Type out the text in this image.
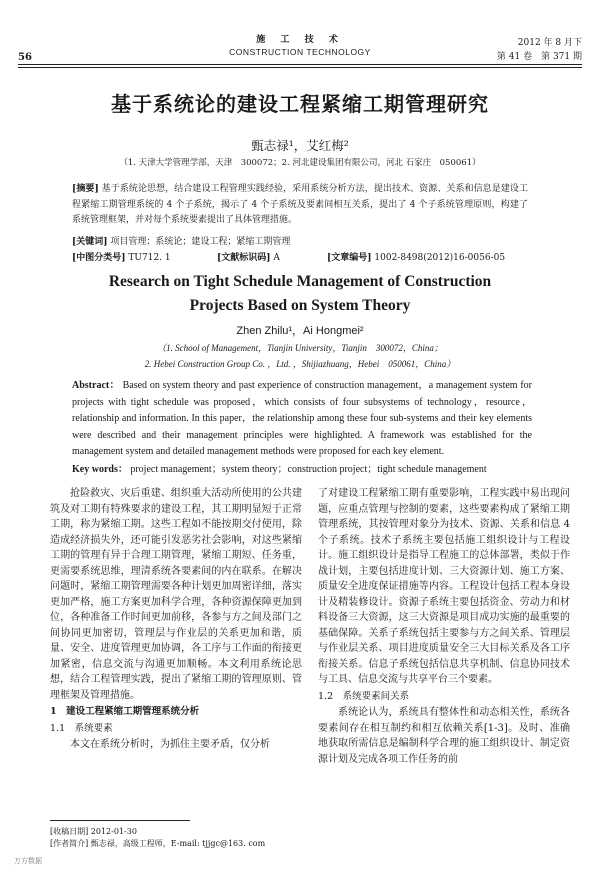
56
施 工 技 术
CONSTRUCTION TECHNOLOGY
2012 年 8 月下
第 41 卷　第 371 期
基于系统论的建设工程紧缩工期管理研究
甄志禄¹，艾红梅²
（1. 天津大学管理学部，天津　300072；2. 河北建设集团有限公司，河北 石家庄　050061）
[摘要] 基于系统论思想，结合建设工程管理实践经验，采用系统分析方法，提出技术、资源、关系和信息是建设工程紧缩工期管理系统的 4 个子系统，揭示了 4 个子系统及要素间相互关系，提出了 4 个子系统管理原则，构建了系统管理框架，并对每个系统要素提出了具体管理措施。
[关键词] 项目管理；系统论；建设工程；紧缩工期管理
[中图分类号] TU712. 1	[文献标识码] A	[文章编号] 1002-8498(2012)16-0056-05
Research on Tight Schedule Management of Construction
Projects Based on System Theory
Zhen Zhilu¹，Ai Hongmei²
（1. School of Management，Tianjin University，Tianjin　300072，China；
2. Hebei Construction Group Co. ，Ltd. ，Shijiazhuang，Hebei　050061，China）
Abstract： Based on system theory and past experience of construction management，a management system for projects with tight schedule was proposed，which consists of four subsystems of technology，resource，relationship and information. In this paper，the relationship among these four sub-systems and their key elements were described and their management principles were highlighted. A framework was established for the management system and detailed management methods were proposed for each key element.
Key words： project management；system theory；construction project；tight schedule management

抢险救灾、灾后重建、组织重大活动所使用的公共建筑及对工期有特殊要求的建设工程，其工期明显短于正常工期，称为紧缩工期。这些工程如不能按期交付使用，除造成经济损失外，还可能引发恶劣社会影响，对这些紧缩工期的管理有异于合理工期管理，紧缩工期短、任务重，更需要系统思维，理清系统各要素间的内在联系。在解决问题时，紧缩工期管理需要各种计划更加周密详细，落实更加严格，施工方案更加科学合理，各种资源保障更加到位，各种准备工作时间更加前移，各参与方之间及部门之间协同更加密切，管理层与作业层的关系更加和谐，质量、安全、进度管理更加协调，各工序与工作面的衔接更加紧密，信息交流与沟通更加顺畅。本文利用系统论思想，结合工程管理实践，提出了紧缩工期的管理原则、管理框架及管理措施。

1　建设工程紧缩工期管理系统分析
1.1　系统要素

本文在系统分析时，为抓住主要矛盾，仅分析

了对建设工程紧缩工期有重要影响，工程实践中易出现问题，应重点管理与控制的要素，这些要素构成了紧缩工期管理系统，其按管理对象分为技术、资源、关系和信息 4 个子系统。技术子系统主要包括施工组织设计与工程设计。施工组织设计是指导工程施工的总体部署，类似于作战计划，主要包括进度计划、三大资源计划、施工方案、质量安全进度保证措施等内容。工程设计包括工程本身设计及精装修设计。资源子系统主要包括资金、劳动力和材料设备三大资源，这三大资源是项目成功实施的最重要的基础保障。关系子系统包括主要参与方之间关系、管理层与作业层关系、项目进度质量安全三大目标关系及各工序衔接关系。信息子系统包括信息共享机制、信息协同技术与工具、信息交流与共享平台三个要素。

1.2　系统要素间关系

系统论认为，系统具有整体性和动态相关性，系统各要素间存在相互制约和相互依赖关系[1-3]。及时、准确地获取所需信息是编制科学合理的施工组织设计、制定资源计划及完成各项工作任务的前

[收稿日期] 2012-01-30
[作者简介] 甄志禄，高级工程师，E-mail: tjjgc@163. com
万方数据
